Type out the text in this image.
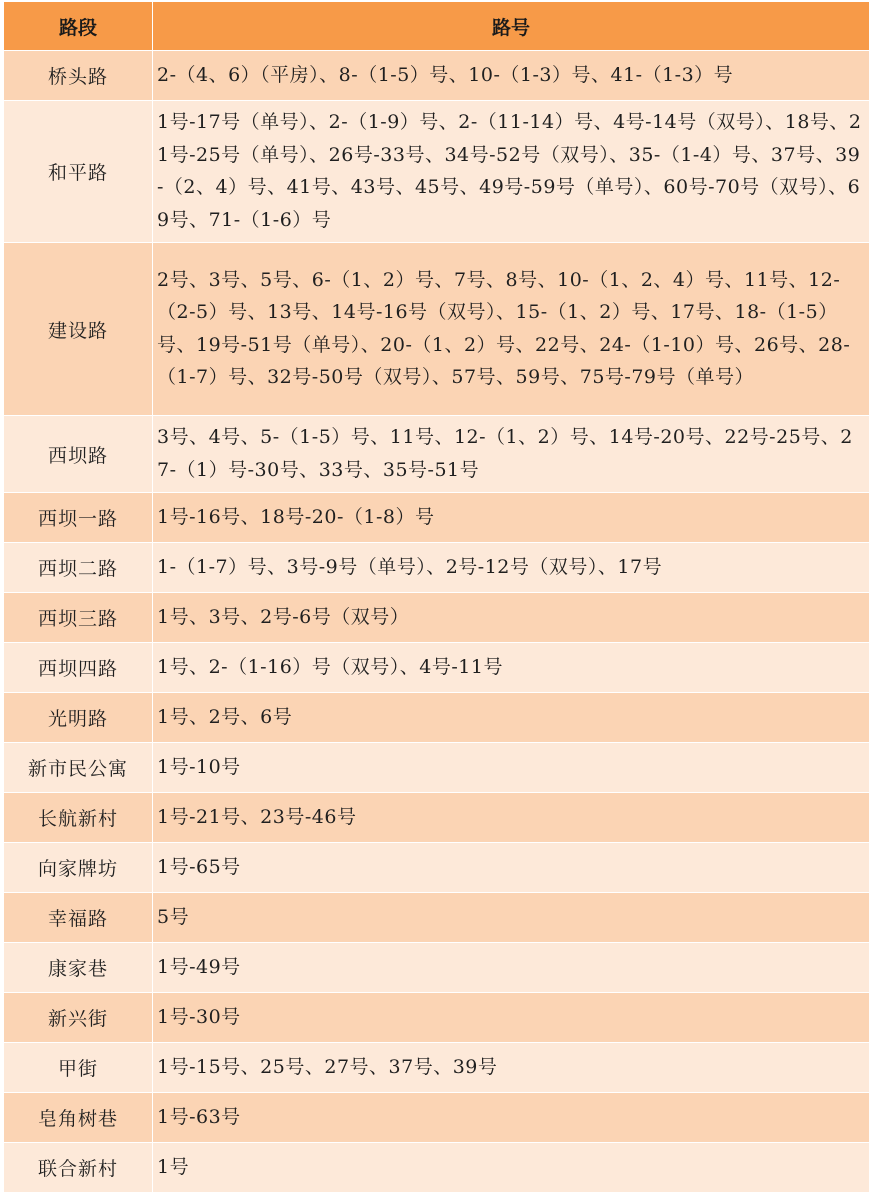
路段	路号
桥头路	2-（4、6）（平房）、8-（1-5）号、10-（1-3）号、41-（1-3）号
和平路	1号-17号（单号）、2-（1-9）号、2-（11-14）号、4号-14号（双号）、18号、21号-25号（单号）、26号-33号、34号-52号（双号）、35-（1-4）号、37号、39-（2、4）号、41号、43号、45号、49号-59号（单号）、60号-70号（双号）、69号、71-（1-6）号
建设路	2号、3号、5号、6-（1、2）号、7号、8号、10-（1、2、4）号、11号、12-（2-5）号、13号、14号-16号（双号）、15-（1、2）号、17号、18-（1-5）号、19号-51号（单号）、20-（1、2）号、22号、24-（1-10）号、26号、28-（1-7）号、32号-50号（双号）、57号、59号、75号-79号（单号）
西坝路	3号、4号、5-（1-5）号、11号、12-（1、2）号、14号-20号、22号-25号、27-（1）号-30号、33号、35号-51号
西坝一路	1号-16号、18号-20-（1-8）号
西坝二路	1-（1-7）号、3号-9号（单号）、2号-12号（双号）、17号
西坝三路	1号、3号、2号-6号（双号）
西坝四路	1号、2-（1-16）号（双号）、4号-11号
光明路	1号、2号、6号
新市民公寓	1号-10号
长航新村	1号-21号、23号-46号
向家牌坊	1号-65号
幸福路	5号
康家巷	1号-49号
新兴街	1号-30号
甲街	1号-15号、25号、27号、37号、39号
皂角树巷	1号-63号
联合新村	1号
